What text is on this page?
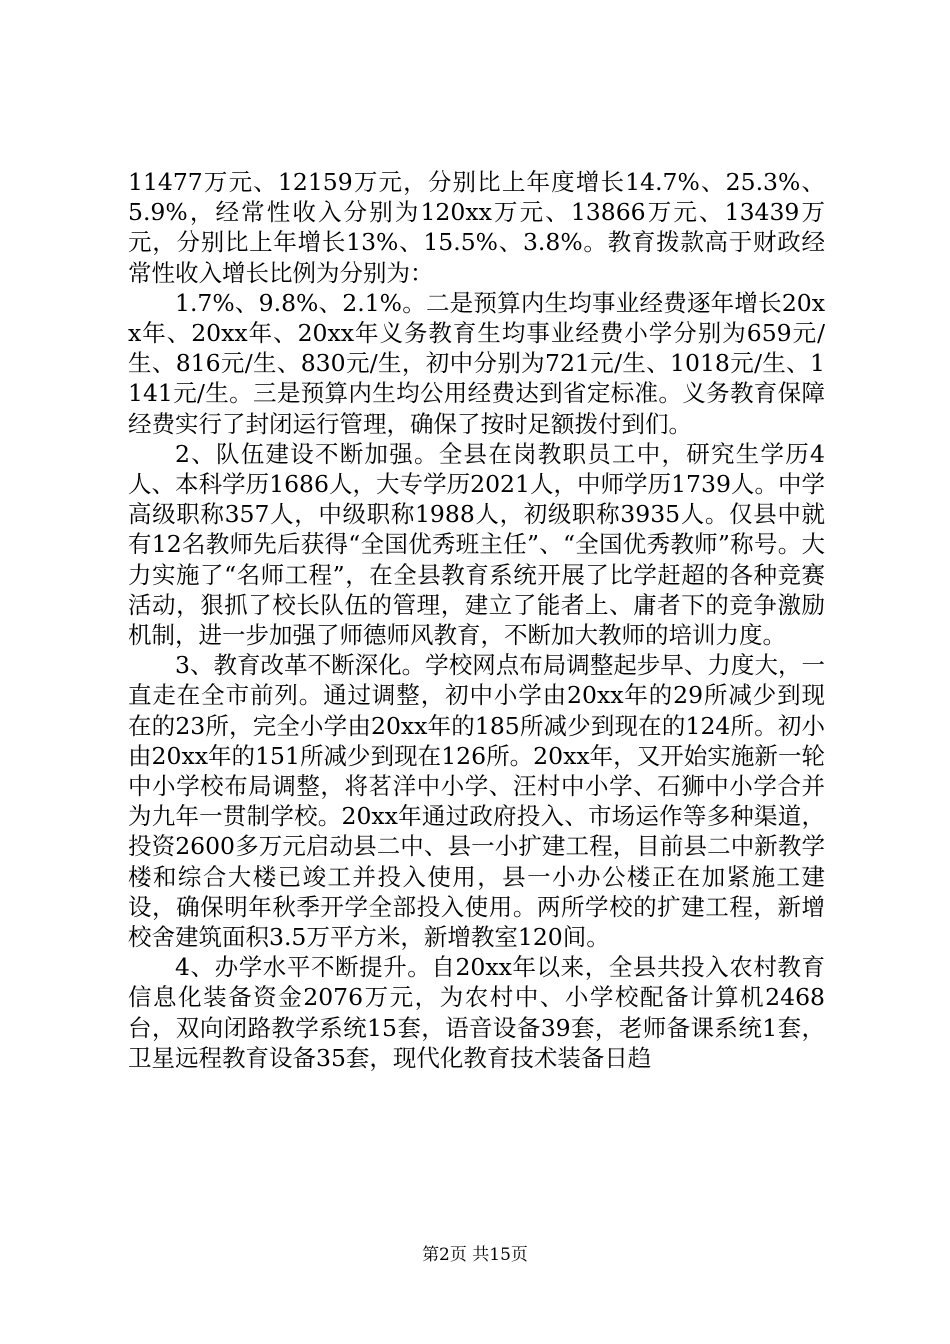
11477万元、12159万元，分别比上年度增长14.7%、25.3%、5.9%，经常性收入分别为120xx万元、13866万元、13439万元，分别比上年增长13%、15.5%、3.8%。教育拨款高于财政经常性收入增长比例为分别为：

1.7%、9.8%、2.1%。二是预算内生均事业经费逐年增长20xx年、20xx年、20xx年义务教育生均事业经费小学分别为659元/生、816元/生、830元/生，初中分别为721元/生、1018元/生、1141元/生。三是预算内生均公用经费达到省定标准。义务教育保障经费实行了封闭运行管理，确保了按时足额拨付到们。

2、队伍建设不断加强。全县在岗教职员工中，研究生学历4人、本科学历1686人，大专学历2021人，中师学历1739人。中学高级职称357人，中级职称1988人，初级职称3935人。仅县中就有12名教师先后获得“全国优秀班主任”、“全国优秀教师”称号。大力实施了“名师工程”，在全县教育系统开展了比学赶超的各种竞赛活动，狠抓了校长队伍的管理，建立了能者上、庸者下的竞争激励机制，进一步加强了师德师风教育，不断加大教师的培训力度。

3、教育改革不断深化。学校网点布局调整起步早、力度大，一直走在全市前列。通过调整，初中小学由20xx年的29所减少到现在的23所，完全小学由20xx年的185所减少到现在的124所。初小由20xx年的151所减少到现在126所。20xx年，又开始实施新一轮中小学校布局调整，将茗洋中小学、汪村中小学、石狮中小学合并为九年一贯制学校。20xx年通过政府投入、市场运作等多种渠道，投资2600多万元启动县二中、县一小扩建工程，目前县二中新教学楼和综合大楼已竣工并投入使用，县一小办公楼正在加紧施工建设，确保明年秋季开学全部投入使用。两所学校的扩建工程，新增校舍建筑面积3.5万平方米，新增教室120间。

4、办学水平不断提升。自20xx年以来，全县共投入农村教育信息化装备资金2076万元，为农村中、小学校配备计算机2468台，双向闭路教学系统15套，语音设备39套，老师备课系统1套，卫星远程教育设备35套，现代化教育技术装备日趋

第2页 共15页
